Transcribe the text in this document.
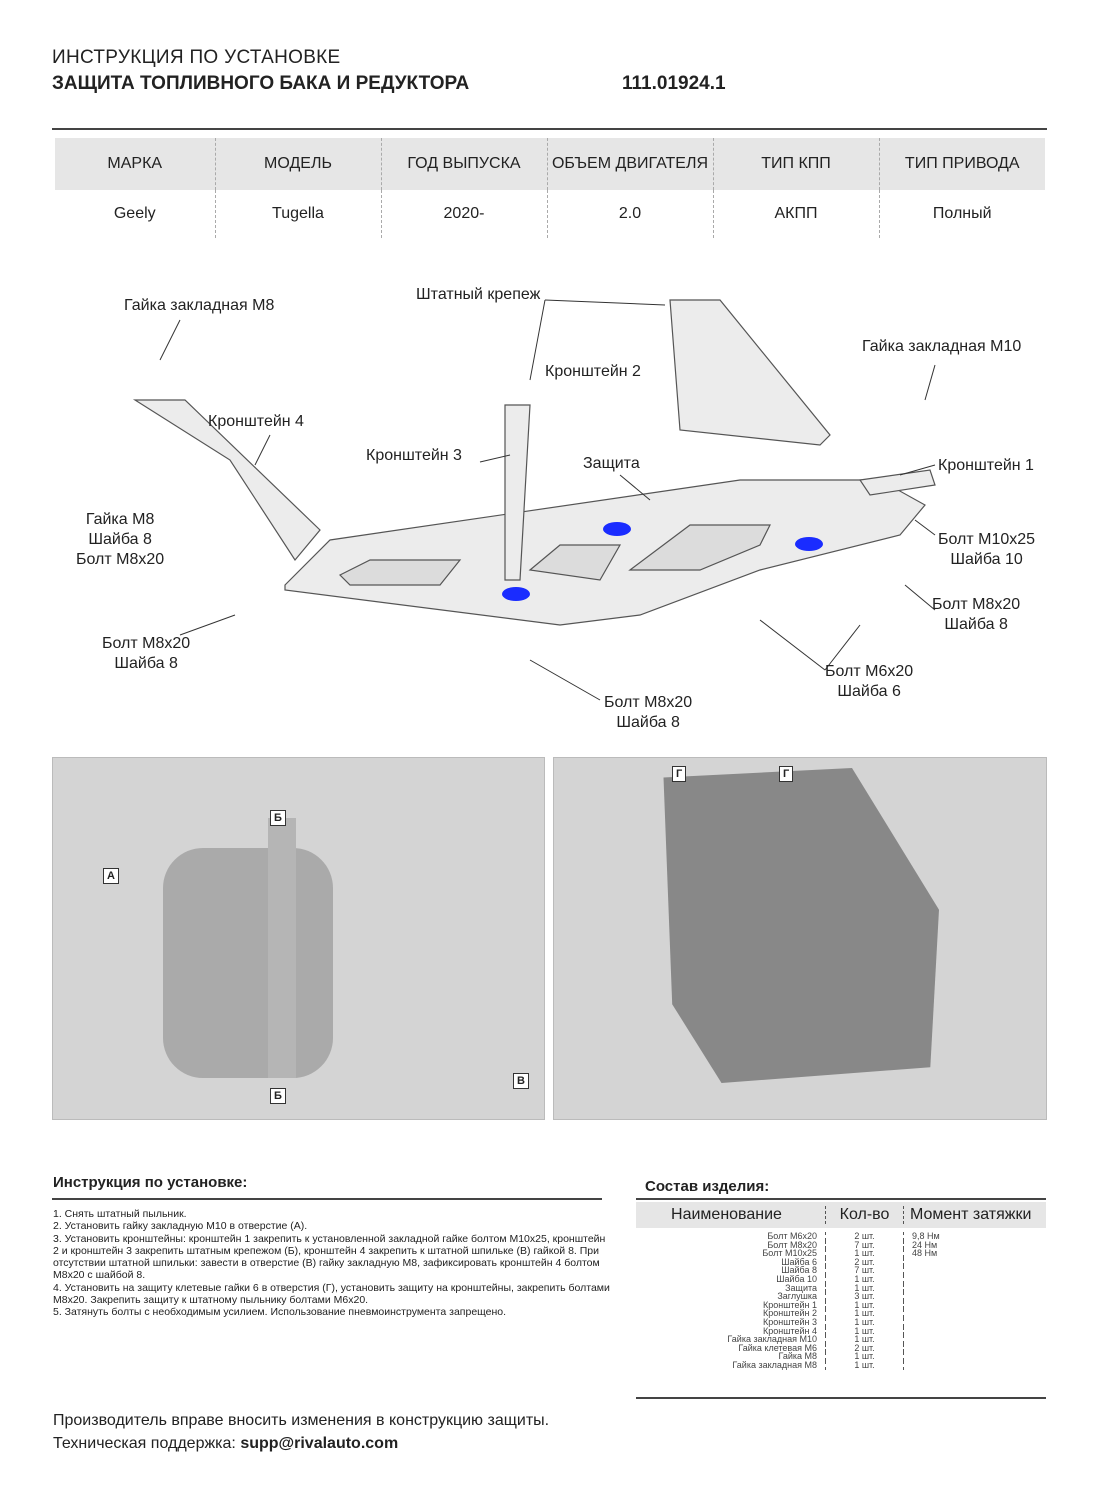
ИНСТРУКЦИЯ ПО УСТАНОВКЕ
ЗАЩИТА ТОПЛИВНОГО БАКА И РЕДУКТОРА	111.01924.1
МАРКА	МОДЕЛЬ	ГОД ВЫПУСКА	ОБЪЕМ ДВИГАТЕЛЯ	ТИП КПП	ТИП ПРИВОДА
Geely	Tugella	2020-	2.0	АКПП	Полный
Гайка закладная М8
Штатный крепеж
Кронштейн 2
Гайка закладная М10
Кронштейн 4
Кронштейн 3	Защита	Кронштейн 1
Гайка М8
Шайба 8
Болт М8х20
Болт М10х25
Шайба 10
Болт М8х20
Шайба 8
Болт М8х20
Шайба 8	Болт М6х20
Шайба 6
Болт М8х20
Шайба 8
А
Б
Б
В
Г	Г
Инструкция по установке:
1. Снять штатный пыльник.
2. Установить гайку закладную М10 в отверстие (А).
3. Установить кронштейны: кронштейн 1 закрепить к установленной закладной гайке болтом М10х25, кронштейн 2 и кронштейн 3 закрепить штатным крепежом (Б), кронштейн 4 закрепить к штатной шпильке (В) гайкой 8. При отсутствии штатной шпильки: завести в отверстие (В) гайку закладную М8, зафиксировать кронштейн 4 болтом М8х20 с шайбой 8.
4. Установить на защиту клетевые гайки 6 в отверстия (Г), установить защиту на кронштейны, закрепить болтами М8х20. Закрепить защиту к штатному пыльнику болтами М6х20.
5. Затянуть болты с необходимым усилием. Использование пневмоинструмента запрещено.
Состав изделия:
Наименование	Кол-во	Момент затяжки
Болт М6х20	2 шт.	9,8 Нм
Болт М8х20	7 шт.	24 Нм
Болт М10х25	1 шт.	48 Нм
Шайба 6	2 шт.

Шайба 8	7 шт.

Шайба 10	1 шт.

Защита	1 шт.

Заглушка	3 шт.

Кронштейн 1	1 шт.

Кронштейн 2	1 шт.

Кронштейн 3	1 шт.

Кронштейн 4	1 шт.

Гайка закладная М10	1 шт.

Гайка клетевая М6	2 шт.

Гайка М8	1 шт.

Гайка закладная М8	1 шт.

Производитель вправе вносить изменения в конструкцию защиты.
Техническая поддержка: supp@rivalauto.com
